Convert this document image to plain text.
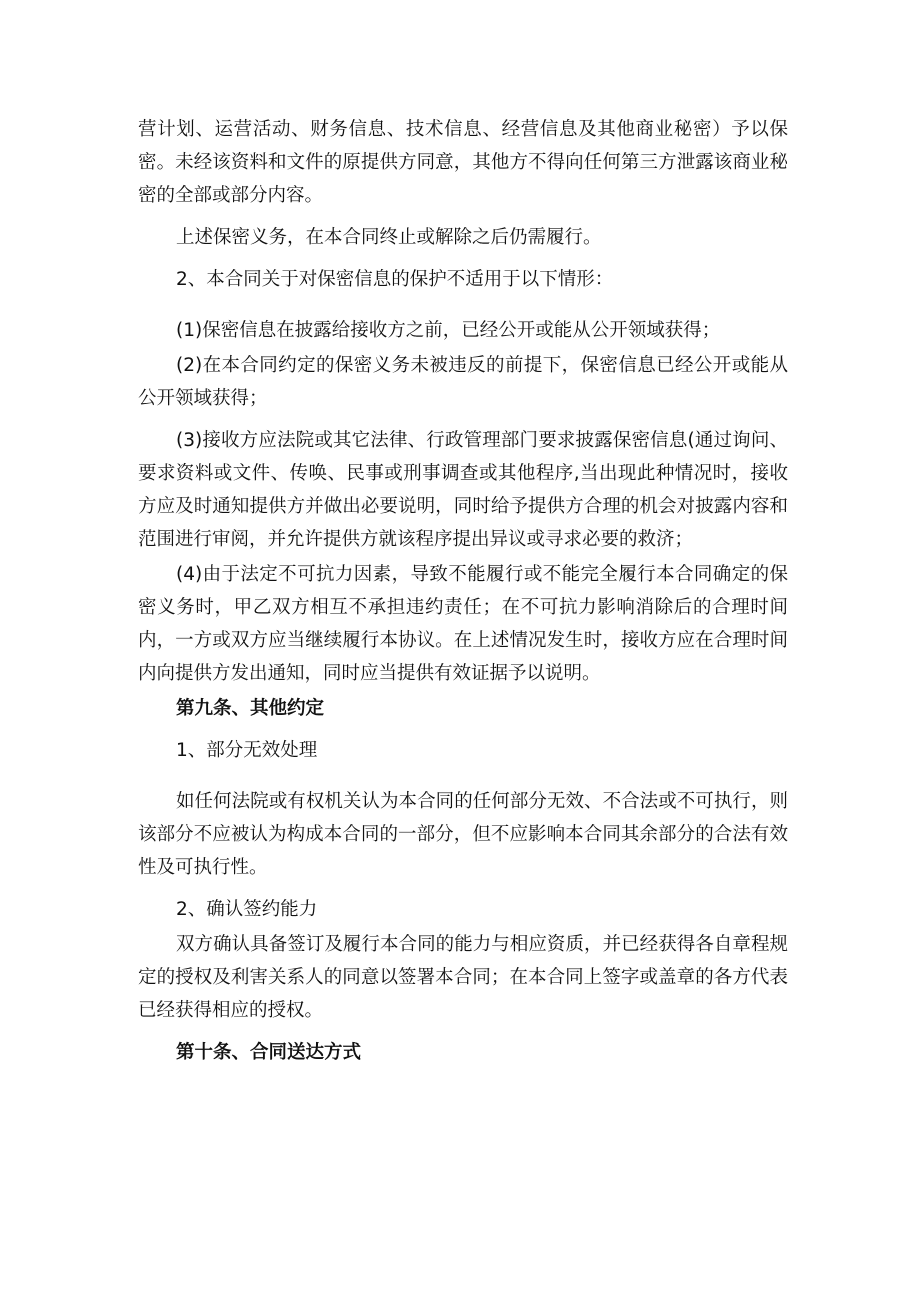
营计划、运营活动、财务信息、技术信息、经营信息及其他商业秘密）予以保密。未经该资料和文件的原提供方同意，其他方不得向任何第三方泄露该商业秘密的全部或部分内容。

上述保密义务，在本合同终止或解除之后仍需履行。

2、本合同关于对保密信息的保护不适用于以下情形：

(1)保密信息在披露给接收方之前，已经公开或能从公开领域获得；

(2)在本合同约定的保密义务未被违反的前提下，保密信息已经公开或能从公开领域获得；

(3)接收方应法院或其它法律、行政管理部门要求披露保密信息(通过询问、要求资料或文件、传唤、民事或刑事调查或其他程序,当出现此种情况时，接收方应及时通知提供方并做出必要说明，同时给予提供方合理的机会对披露内容和范围进行审阅，并允许提供方就该程序提出异议或寻求必要的救济；

(4)由于法定不可抗力因素，导致不能履行或不能完全履行本合同确定的保密义务时，甲乙双方相互不承担违约责任；在不可抗力影响消除后的合理时间内，一方或双方应当继续履行本协议。在上述情况发生时，接收方应在合理时间内向提供方发出通知，同时应当提供有效证据予以说明。

第九条、其他约定

1、部分无效处理

如任何法院或有权机关认为本合同的任何部分无效、不合法或不可执行，则该部分不应被认为构成本合同的一部分，但不应影响本合同其余部分的合法有效性及可执行性。

2、确认签约能力

双方确认具备签订及履行本合同的能力与相应资质，并已经获得各自章程规定的授权及利害关系人的同意以签署本合同；在本合同上签字或盖章的各方代表已经获得相应的授权。

第十条、合同送达方式
